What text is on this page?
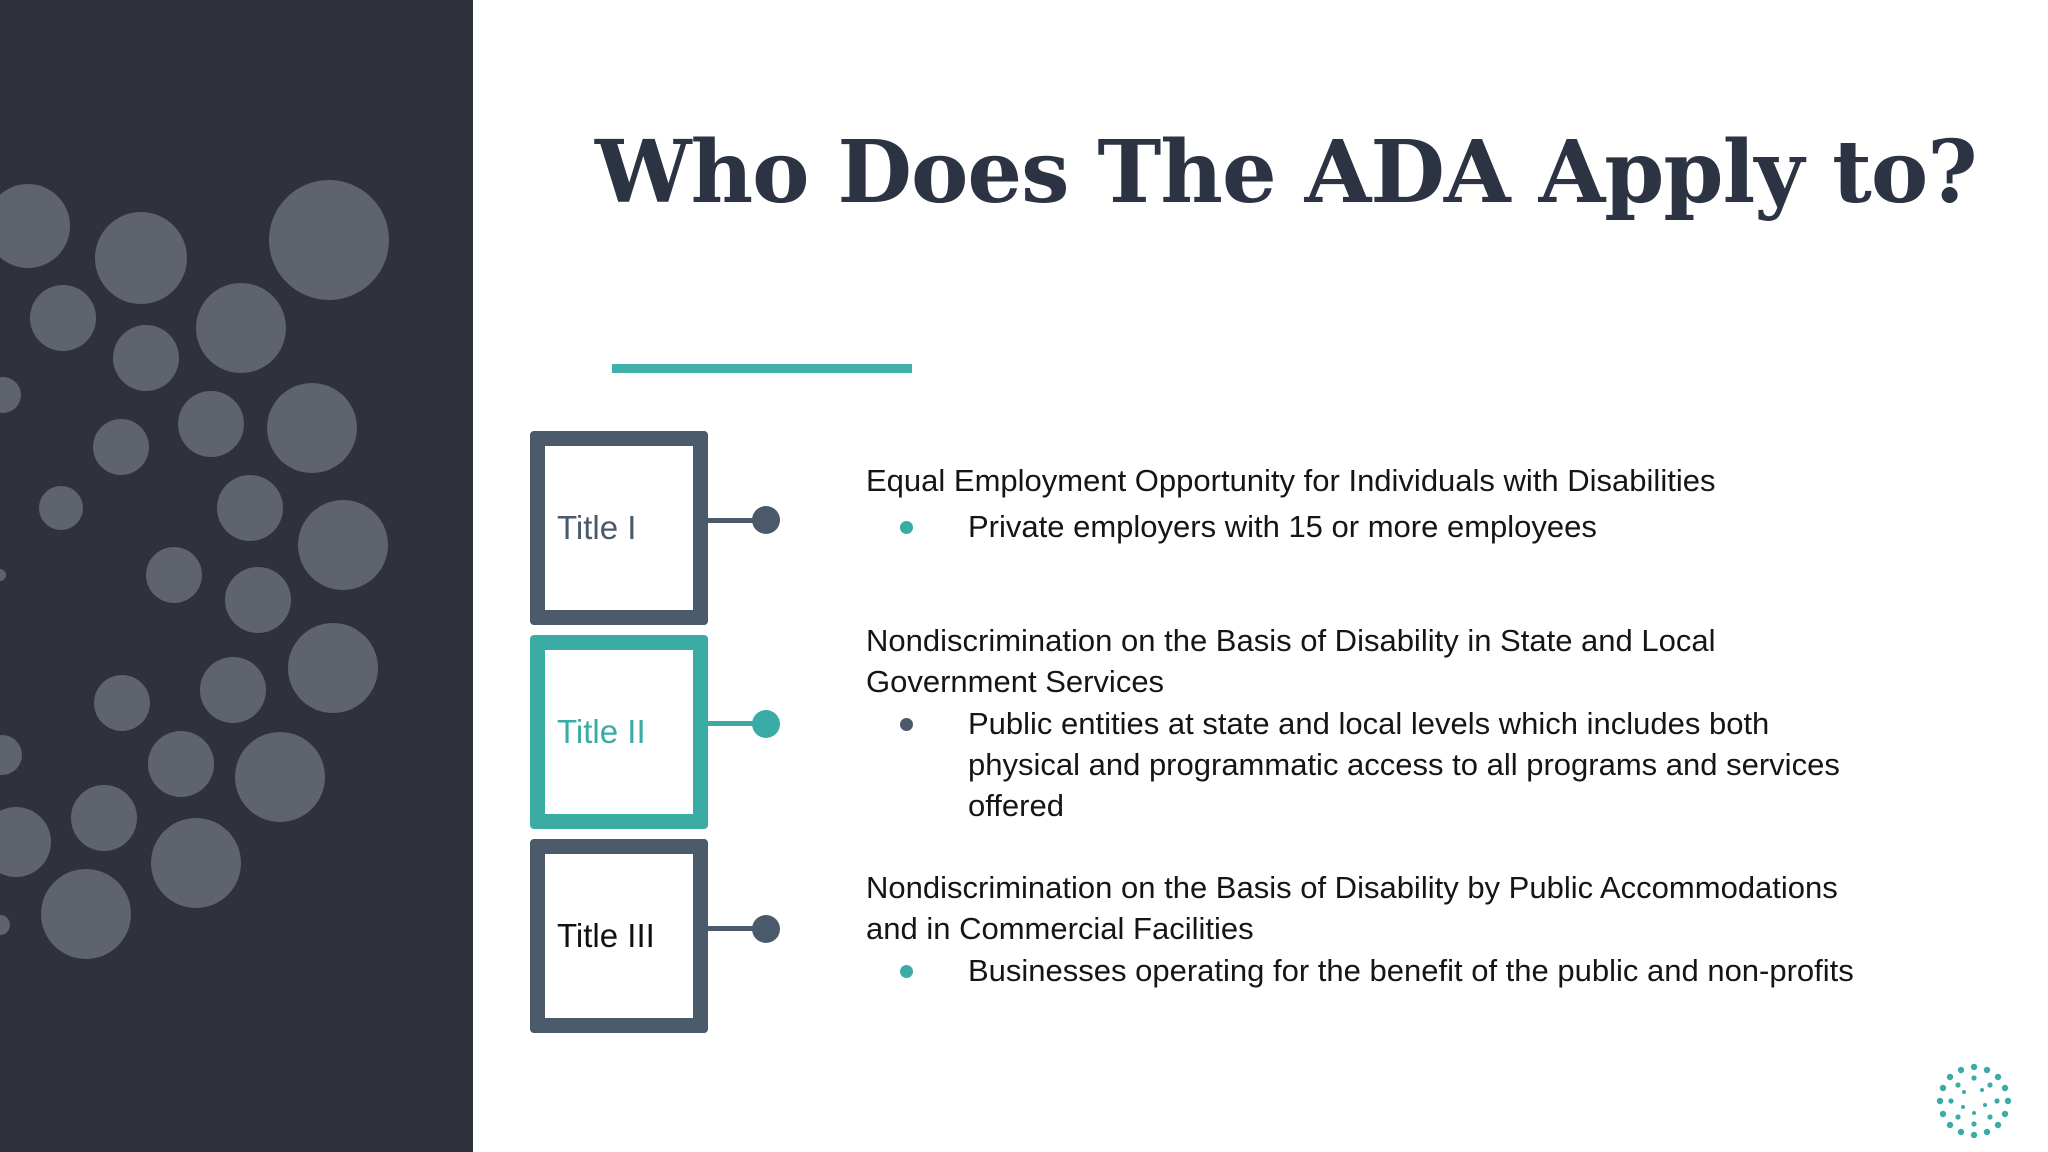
Who Does The ADA Apply to?
Title I
Equal Employment Opportunity for Individuals with Disabilities
Private employers with 15 or more employees
Title II
Nondiscrimination on the Basis of Disability in State and Local Government Services
Public entities at state and local levels which includes both physical and programmatic access to all programs and services offered
Title III
Nondiscrimination on the Basis of Disability by Public Accommodations and in Commercial Facilities
Businesses operating for the benefit of the public and non-profits
